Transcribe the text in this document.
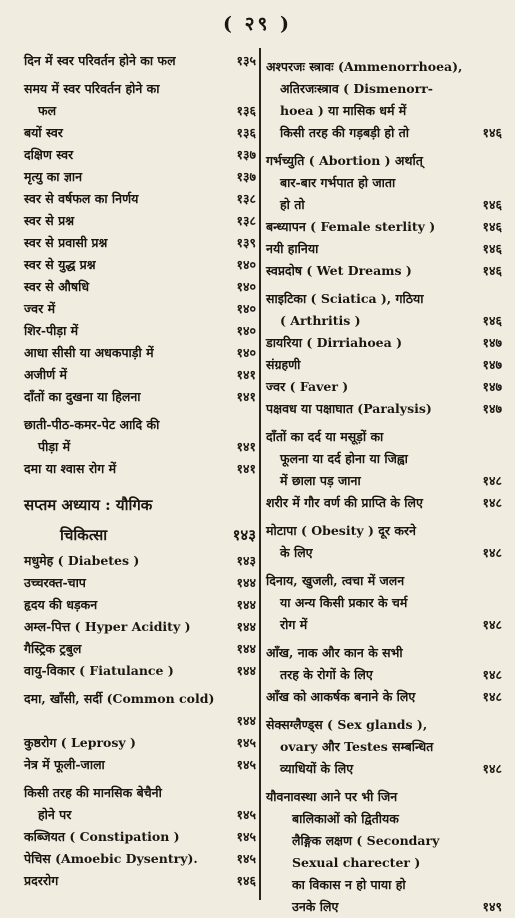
( २९ )
दिन में स्वर परिवर्तन होने का फल	१३५
समय में स्वर परिवर्तन होने का
फल	१३६
बयों स्वर	१३६
दक्षिण स्वर	१३७
मृत्यु का ज्ञान	१३७
स्वर से वर्षफल का निर्णय	१३८
स्वर से प्रश्न	१३८
स्वर से प्रवासी प्रश्न	१३९
स्वर से युद्ध प्रश्न	१४०
स्वर से औषधि	१४०
ज्वर में	१४०
शिर-पीड़ा में	१४०
आधा सीसी या अधकपाड़ी में	१४०
अजीर्ण में	१४१
दाँतों का दुखना या हिलना	१४१
छाती-पीठ-कमर-पेट आदि की
पीड़ा में	१४१
दमा या श्वास रोग में	१४१
सप्तम अध्याय : यौगिक
चिकित्सा	१४३
मधुमेह ( Diabetes )	१४३
उच्चरक्त-चाप	१४४
हृदय की धड़कन	१४४
अम्ल-पित्त ( Hyper Acidity )	१४४
गैस्ट्रिक ट्रबुल	१४४
वायु-विकार ( Fiatulance )	१४४
दमा, खाँसी, सर्दी (Common cold)

१४४
कुष्ठरोग ( Leprosy )	१४५
नेत्र में फूली-जाला	१४५
किसी तरह की मानसिक बेचैनी
होने पर	१४५
कब्जियत ( Constipation )	१४५
पेचिस (Amoebic Dysentry).	१४५
प्रदररोग	१४६
अश्परजः स्त्रावः (Ammenorrhoea),
अतिरजःस्त्राव ( Dismenorr-
hoea ) या मासिक धर्म में
किसी तरह की गड़बड़ी हो तो	१४६
गर्भच्युति ( Abortion ) अर्थात्
बार-बार गर्भपात हो जाता
हो तो	१४६
बन्ध्यापन ( Female sterlity )	१४६
नयी हानिया	१४६
स्वप्नदोष ( Wet Dreams )	१४६
साइटिका ( Sciatica ), गठिया
( Arthritis )	१४६
डायरिया ( Dirriahoea )	१४७
संग्रहणी	१४७
ज्वर ( Faver )	१४७
पक्षवध या पक्षाघात (Paralysis)	१४७
दाँतों का दर्द या मसूड़ों का
फूलना या दर्द होना या जिह्वा
में छाला पड़ जाना	१४८
शरीर में गौर वर्ण की प्राप्ति के लिए	१४८
मोटापा ( Obesity ) दूर करने
के लिए	१४८
दिनाय, खुजली, त्वचा में जलन
या अन्य किसी प्रकार के चर्म
रोग में	१४८
आँख, नाक और कान के सभी
तरह के रोगों के लिए	१४८
आँख को आकर्षक बनाने के लिए	१४८
सेक्सग्लैण्ड्स ( Sex glands ),
ovary और Testes सम्बन्धित
व्याधियों के लिए	१४८
यौवनावस्था आने पर भी जिन
बालिकाओं को द्वितीयक
लैङ्गिक लक्षण ( Secondary
Sexual charecter )
का विकास न हो पाया हो
उनके लिए	१४९
